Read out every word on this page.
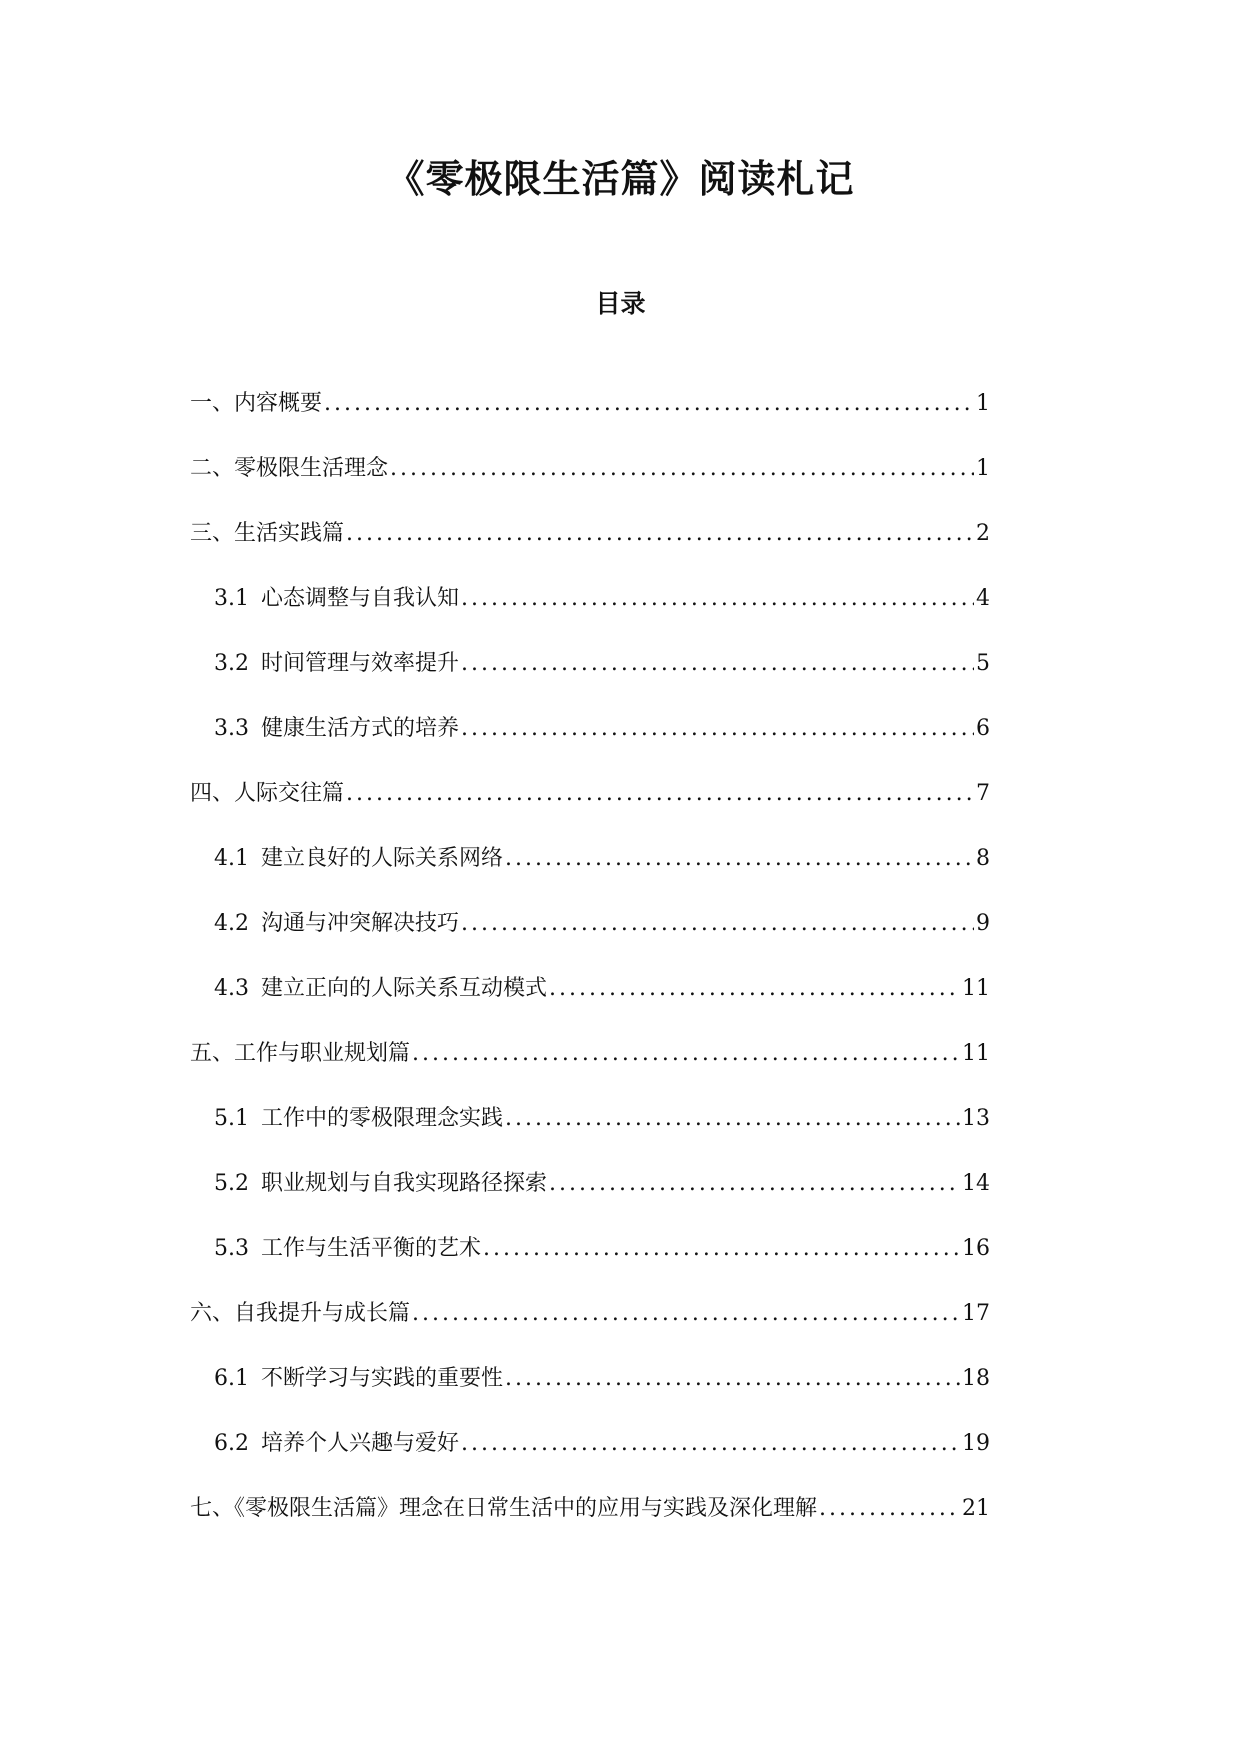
《零极限生活篇》阅读札记
目录
一、内容概要 .....	1
二、零极限生活理念 .....	1
三、生活实践篇 .....	2
3.1 心态调整与自我认知 .....	4
3.2 时间管理与效率提升 .....	5
3.3 健康生活方式的培养 .....	6
四、人际交往篇 .....	7
4.1 建立良好的人际关系网络 .....	8
4.2 沟通与冲突解决技巧 .....	9
4.3 建立正向的人际关系互动模式 .....	11
五、工作与职业规划篇 .....	11
5.1 工作中的零极限理念实践 .....	13
5.2 职业规划与自我实现路径探索 .....	14
5.3 工作与生活平衡的艺术 .....	16
六、自我提升与成长篇 .....	17
6.1 不断学习与实践的重要性 .....	18
6.2 培养个人兴趣与爱好 .....	19
七、《零极限生活篇》理念在日常生活中的应用与实践及深化理解 .....	21
